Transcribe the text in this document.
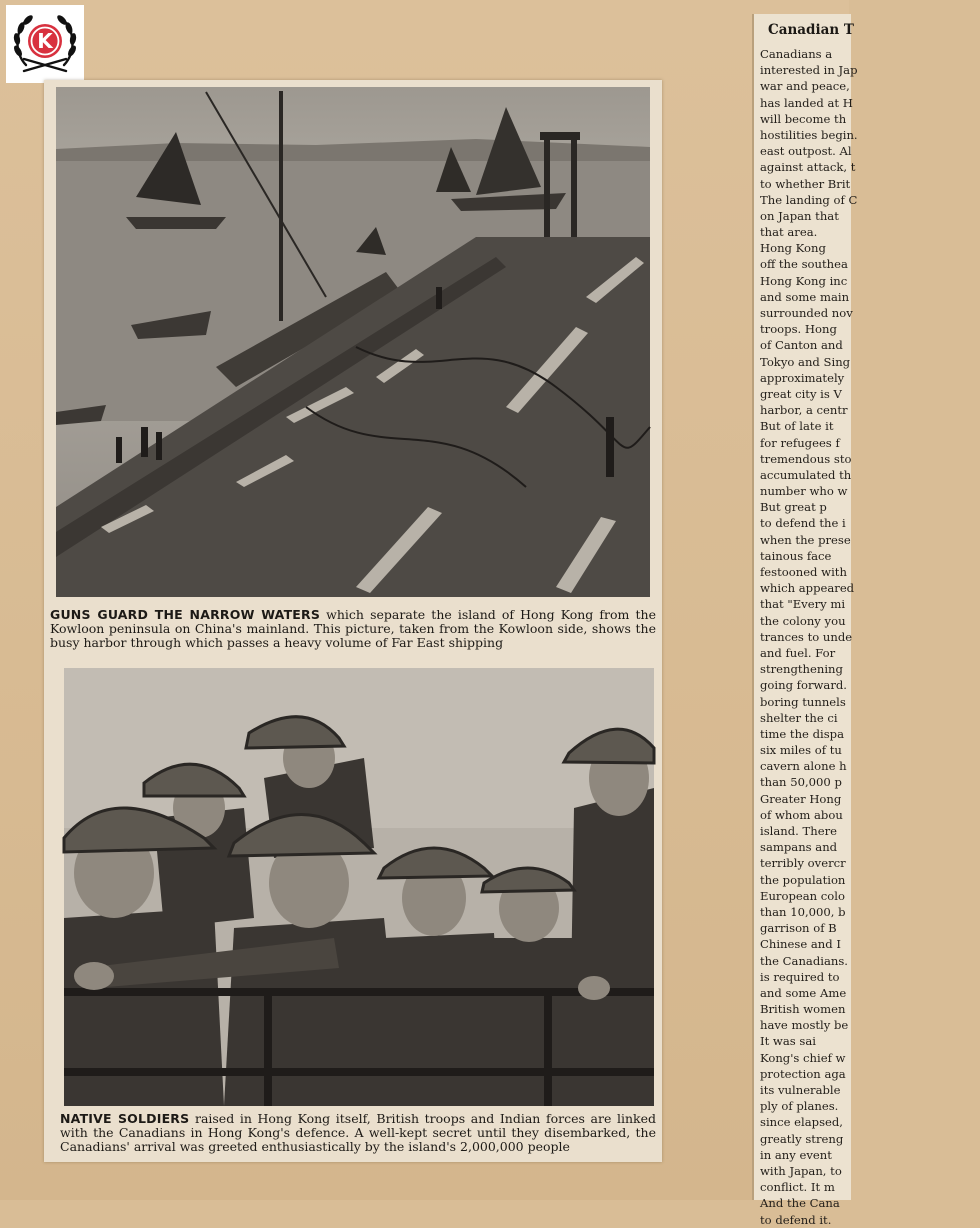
K
GUNS GUARD THE NARROW WATERS which separate the island of Hong Kong from the Kowloon peninsula on China's mainland. This picture, taken from the Kowloon side, shows the busy harbor through which passes a heavy volume of Far East shipping
NATIVE SOLDIERS raised in Hong Kong itself, British troops and Indian forces are linked with the Canadians in Hong Kong's defence. A well-kept secret until they disembarked, the Canadians' arrival was greeted enthusiastically by the island's 2,000,000 people
Canadian T
Canadians a
interested in Jap
war and peace,
has landed at H
will become th
hostilities begin.
east outpost. Al
against attack, t
to whether Brit
The landing of C
on Japan that
that area.
Hong Kong
off the southea
Hong Kong inc
and some main
surrounded nov
troops. Hong
of Canton and
Tokyo and Sing
approximately
great city is V
harbor, a centr
But of late it
for refugees f
tremendous sto
accumulated th
number who w
But great p
to defend the i
when the prese
tainous face
festooned with
which appeared
that "Every mi
the colony you
trances to unde
and fuel. For
strengthening
going forward.
boring tunnels
shelter the ci
time the dispa
six miles of tu
cavern alone h
than 50,000 p
Greater Hong
of whom abou
island. There
sampans and
terribly overcr
the population
European colo
than 10,000, b
garrison of B
Chinese and I
the Canadians.
is required to
and some Ame
British women
have mostly be
It was sai
Kong's chief w
protection aga
its vulnerable
ply of planes.
since elapsed,
greatly streng
in any event
with Japan, to
conflict. It m
And the Cana
to defend it.
